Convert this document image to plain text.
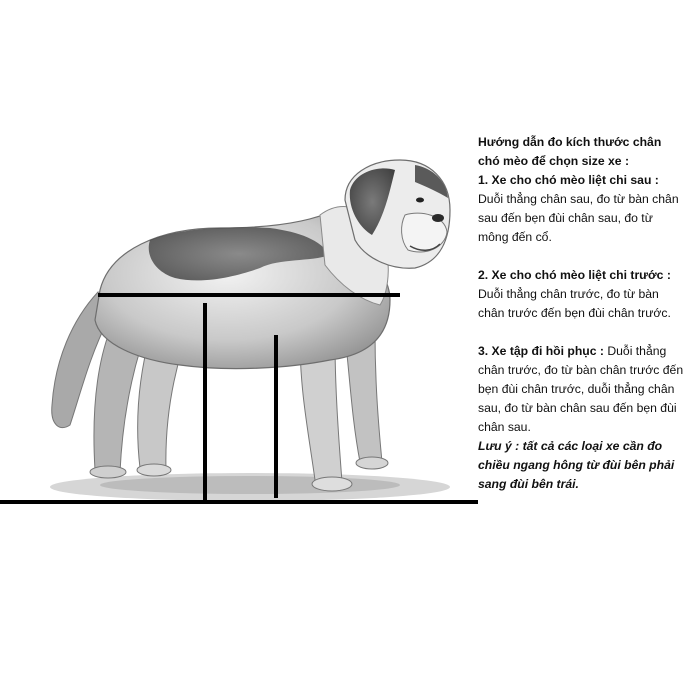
Hướng dẫn đo kích thước chân chó mèo để chọn size xe :

1. Xe cho chó mèo liệt chi sau :

Duỗi thẳng chân sau, đo từ bàn chân sau đến bẹn đùi chân sau, đo từ mông đến cổ.

2. Xe cho chó mèo liệt chi trước :

Duỗi thẳng chân trước, đo từ bàn chân trước đến bẹn đùi chân trước.

3. Xe tập đi hồi phục : Duỗi thẳng chân trước, đo từ bàn chân trước đến bẹn đùi chân trước, duỗi thẳng chân sau, đo từ bàn chân sau đến bẹn đùi chân sau.

Lưu ý : tất cả các loại xe cần đo chiều ngang hông từ đùi bên phải sang đùi bên trái.
